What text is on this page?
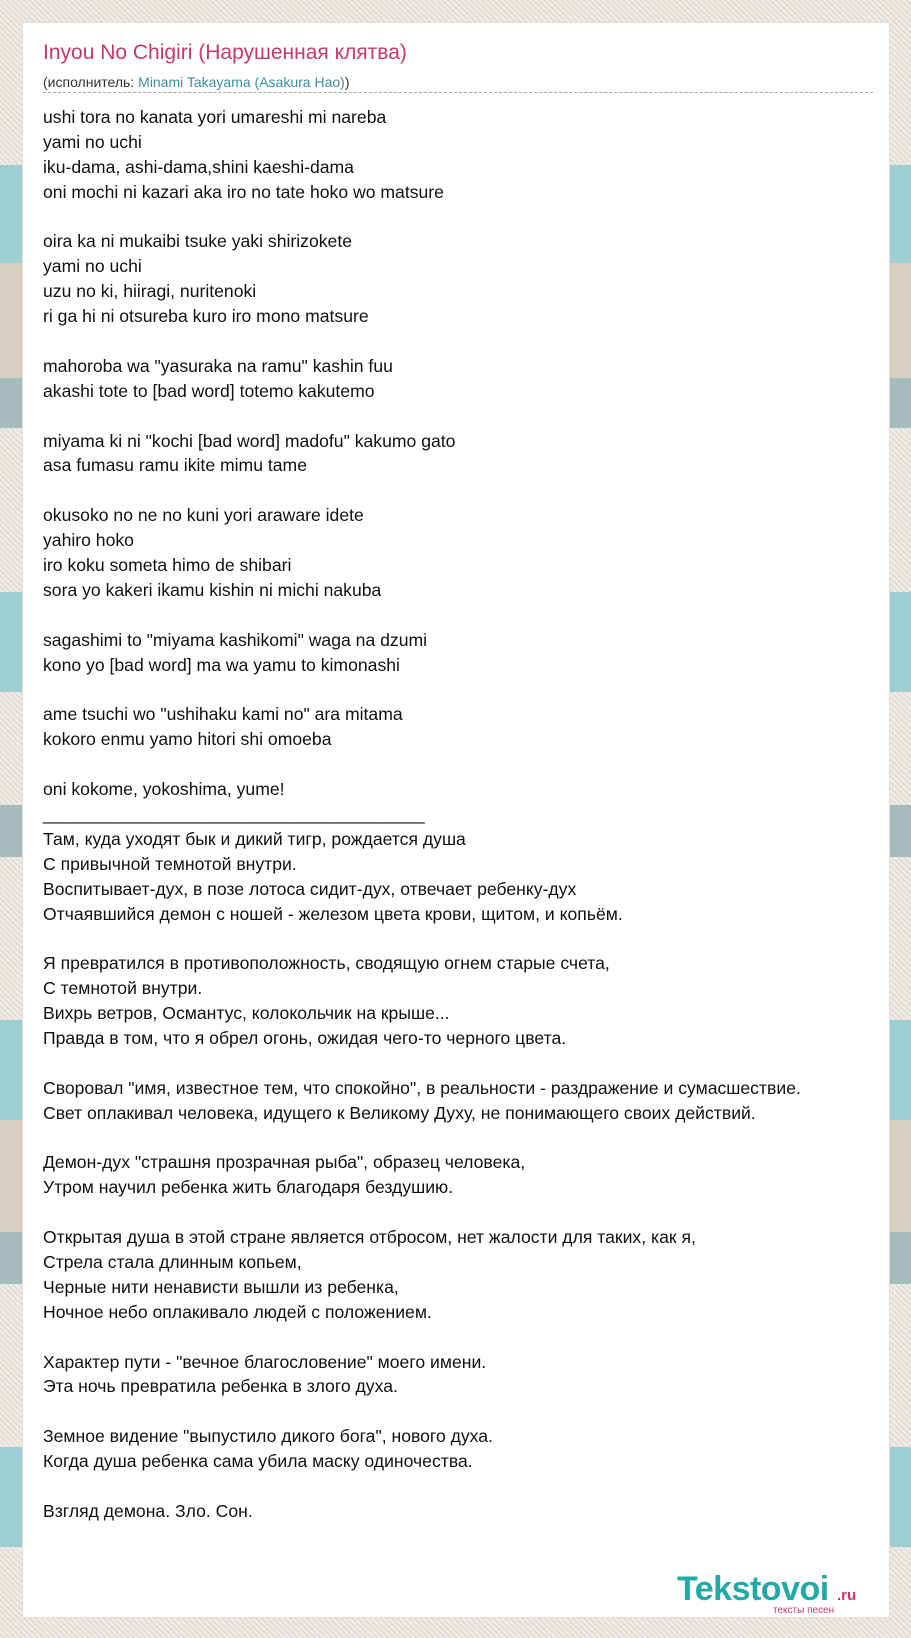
Inyou No Chigiri (Нарушенная клятва)
(исполнитель: Minami Takayama (Asakura Hao))
ushi tora no kanata yori umareshi mi nareba
yami no uchi
iku-dama, ashi-dama,shini kaeshi-dama
oni mochi ni kazari aka iro no tate hoko wo matsure
oira ka ni mukaibi tsuke yaki shirizokete
yami no uchi
uzu no ki, hiiragi, nuritenoki
ri ga hi ni otsureba kuro iro mono matsure
mahoroba wa "yasuraka na ramu" kashin fuu
akashi tote to [bad word] totemo kakutemo
miyama ki ni "kochi [bad word] madofu" kakumo gato
asa fumasu ramu ikite mimu tame
okusoko no ne no kuni yori araware idete
yahiro hoko
iro koku someta himo de shibari
sora yo kakeri ikamu kishin ni michi nakuba
sagashimi to "miyama kashikomi" waga na dzumi
kono yo [bad word] ma wa yamu to kimonashi
ame tsuchi wo "ushihaku kami no" ara mitama
kokoro enmu yamo hitori shi omoeba
oni kokome, yokoshima, yume!
_______________________________________
Там, куда уходят бык и дикий тигр, рождается душа
С привычной темнотой внутри.
Воспитывает-дух, в позе лотоса сидит-дух, отвечает ребенку-дух
Отчаявшийся демон с ношей - железом цвета крови, щитом, и копьём.
Я превратился в противоположность, сводящую огнем старые счета,
С темнотой внутри.
Вихрь ветров, Османтус, колокольчик на крыше...
Правда в том, что я обрел огонь, ожидая чего-то черного цвета.
Своровал "имя, известное тем, что спокойно", в реальности - раздражение и сумасшествие.
Свет оплакивал человека, идущего к Великому Духу, не понимающего своих действий.
Демон-дух "страшня прозрачная рыба", образец человека,
Утром научил ребенка жить благодаря бездушию.
Открытая душа в этой стране является отбросом, нет жалости для таких, как я,
Стрела стала длинным копьем,
Черные нити ненависти вышли из ребенка,
Ночное небо оплакивало людей с положением.
Характер пути - "вечное благословение" моего имени.
Эта ночь превратила ребенка в злого духа.
Земное видение "выпустило дикого бога", нового духа.
Когда душа ребенка сама убила маску одиночества.
Взгляд демона. Зло. Сон.
Tekstovoi .ru
тексты песен
